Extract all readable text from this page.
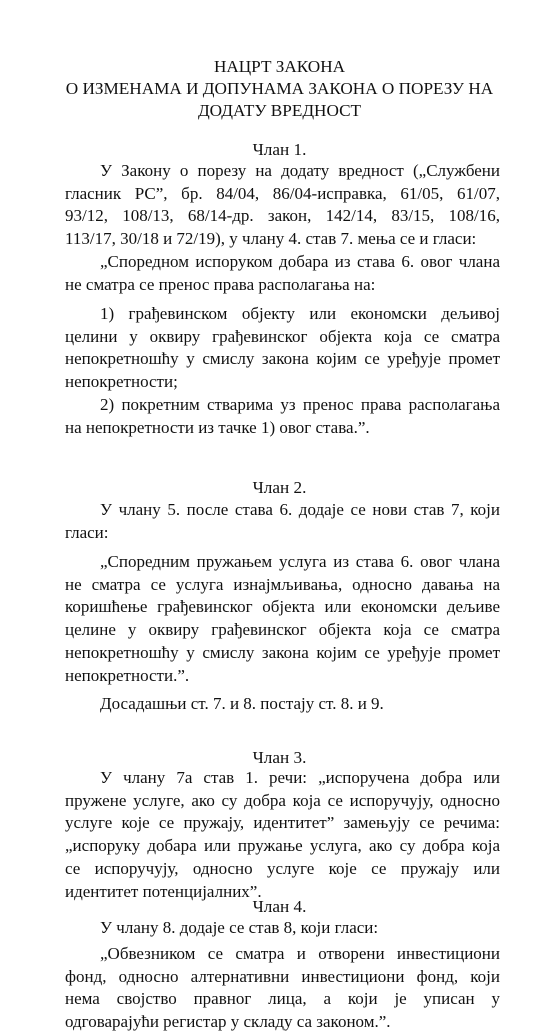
НАЦРТ ЗАКОНА
О ИЗМЕНАМА И ДОПУНАМА ЗАКОНА О ПОРЕЗУ НА
ДОДАТУ ВРЕДНОСТ
Члан 1.
У Закону о порезу на додату вредност („Службени
гласник РС”, бр. 84/04, 86/04-исправка, 61/05, 61/07,
93/12, 108/13, 68/14-др. закон, 142/14, 83/15, 108/16,
113/17, 30/18 и 72/19), у члану 4. став 7. мења се и гласи:
„Споредном испоруком добара из става 6. овог члана
не сматра се пренос права располагања на:
1) грађевинском објекту или економски дељивој
целини у оквиру грађевинског објекта која се сматра
непокретношћу у смислу закона којим се уређује промет
непокретности;
2) покретним стварима уз пренос права располагања
на непокретности из тачке 1) овог става.”.
Члан 2.
У члану 5. после става 6. додаје се нови став 7, који
гласи:
„Споредним пружањем услуга из става 6. овог члана
не сматра се услуга изнајмљивања, односно давања на
коришћење грађевинског објекта или економски дељиве
целине у оквиру грађевинског објекта која се сматра
непокретношћу у смислу закона којим се уређује промет
непокретности.”.
Досадашњи ст. 7. и 8. постају ст. 8. и 9.
Члан 3.
У члану 7а став 1. речи: „испоручена добра или
пружене услуге, ако су добра која се испоручују, односно
услуге које се пружају, идентитет” замењују се речима:
„испоруку добара или пружање услуга, ако су добра која
се испоручују, односно услуге које се пружају или
идентитет потенцијалних”.
Члан 4.
У члану 8. додаје се став 8, који гласи:
„Обвезником се сматра и отворени инвестициони
фонд, односно алтернативни инвестициони фонд, који
нема својство правног лица, а који је уписан у
одговарајући регистар у складу са законом.”.
